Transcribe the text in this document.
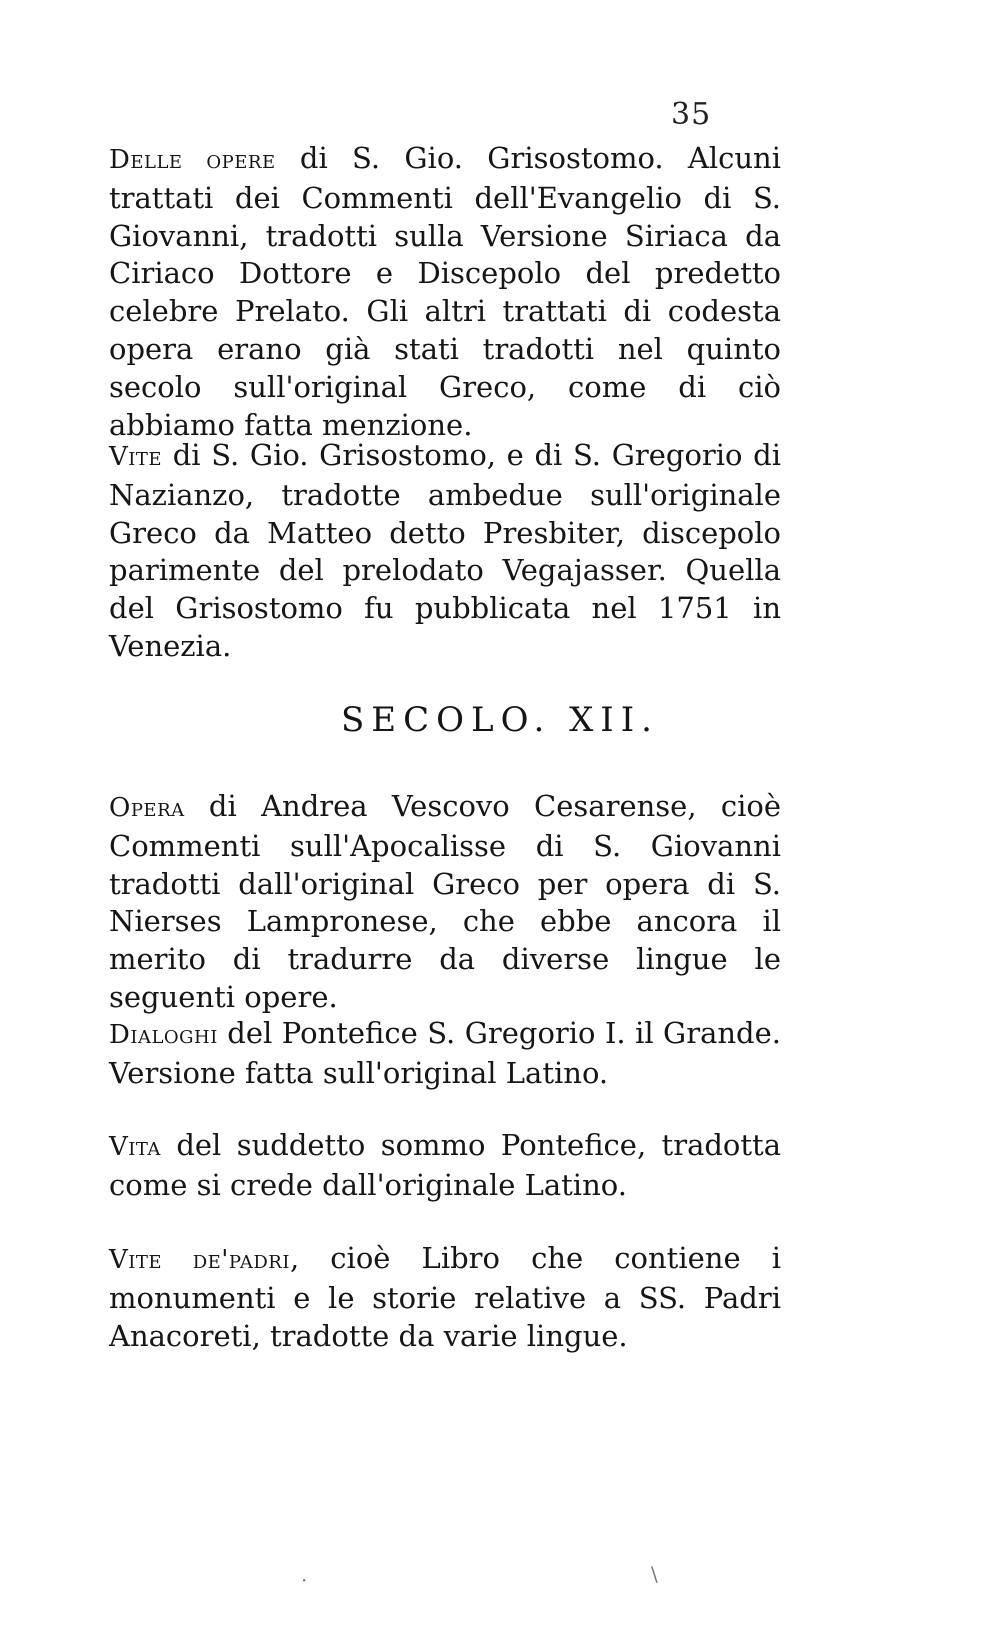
35

Delle opere di S. Gio. Grisostomo. Alcuni trattati dei Commenti dell'Evangelio di S. Giovanni, tradotti sulla Versione Siriaca da Ciriaco Dottore e Discepolo del predetto celebre Prelato. Gli altri trattati di codesta opera erano già stati tradotti nel quinto secolo sull'original Greco, come di ciò abbiamo fatta menzione.

Vite di S. Gio. Grisostomo, e di S. Gregorio di Nazianzo, tradotte ambedue sull'originale Greco da Matteo detto Presbiter, discepolo parimente del prelodato Vegajasser. Quella del Grisostomo fu pubblicata nel 1751 in Venezia.

SECOLO. XII.

Opera di Andrea Vescovo Cesarense, cioè Commenti sull'Apocalisse di S. Giovanni tradotti dall'original Greco per opera di S. Nierses Lampronese, che ebbe ancora il merito di tradurre da diverse lingue le seguenti opere.

Dialoghi del Pontefice S. Gregorio I. il Grande. Versione fatta sull'original Latino.

Vita del suddetto sommo Pontefice, tradotta come si crede dall'originale Latino.

Vite de'padri, cioè Libro che contiene i monumenti e le storie relative a SS. Padri Anacoreti, tradotte da varie lingue.

\
·
